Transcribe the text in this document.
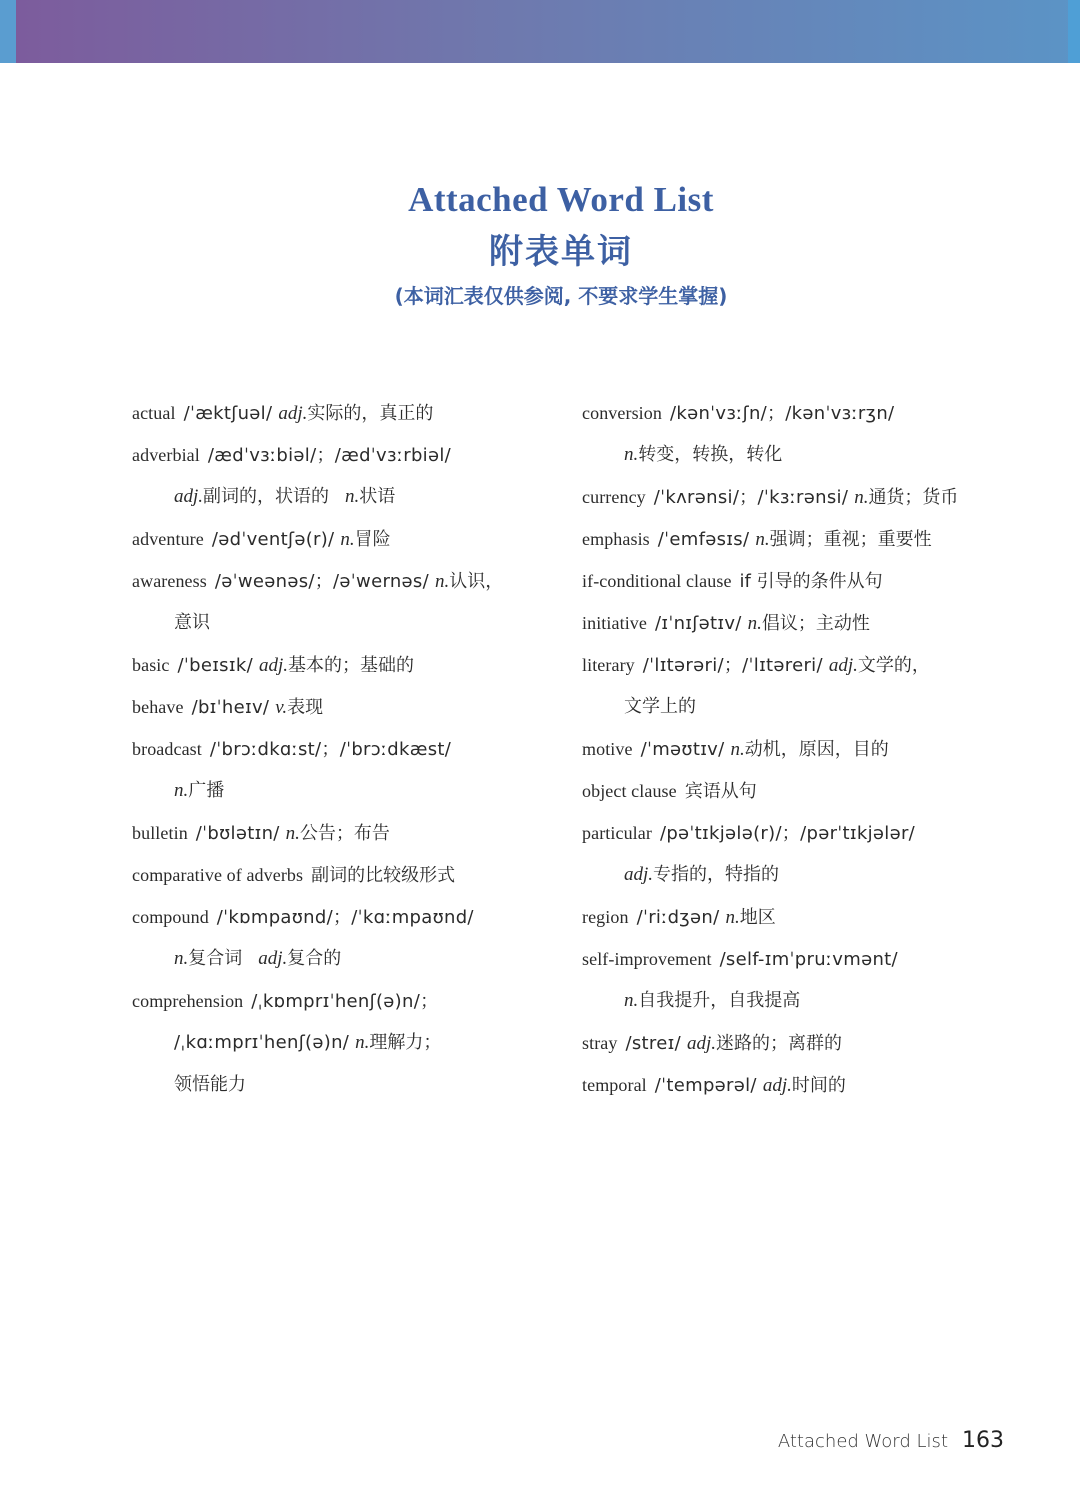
Attached Word List
附表单词
(本词汇表仅供参阅, 不要求学生掌握)
actual /ˈæktʃuəl/ adj.实际的，真正的
adverbial /ædˈvɜːbiəl/；/ædˈvɜːrbiəl/
adj.副词的，状语的 n.状语
adventure /ədˈventʃə(r)/ n.冒险
awareness /əˈweənəs/；/əˈwernəs/ n.认识，
意识
basic /ˈbeɪsɪk/ adj.基本的；基础的
behave /bɪˈheɪv/ v.表现
broadcast /ˈbrɔːdkɑːst/；/ˈbrɔːdkæst/
n.广播
bulletin /ˈbʊlətɪn/ n.公告；布告
comparative of adverbs 副词的比较级形式
compound /ˈkɒmpaʊnd/；/ˈkɑːmpaʊnd/
n.复合词 adj.复合的
comprehension /ˌkɒmprɪˈhenʃ(ə)n/；
/ˌkɑːmprɪˈhenʃ(ə)n/ n.理解力；
领悟能力
conversion /kənˈvɜːʃn/；/kənˈvɜːrʒn/
n.转变，转换，转化
currency /ˈkʌrənsi/；/ˈkɜːrənsi/ n.通货；货币
emphasis /ˈemfəsɪs/ n.强调；重视；重要性
if-conditional clause if 引导的条件从句
initiative /ɪˈnɪʃətɪv/ n.倡议；主动性
literary /ˈlɪtərəri/；/ˈlɪtəreri/ adj.文学的，
文学上的
motive /ˈməʊtɪv/ n.动机，原因，目的
object clause 宾语从句
particular /pəˈtɪkjələ(r)/；/pərˈtɪkjələr/
adj.专指的，特指的
region /ˈriːdʒən/ n.地区
self-improvement /self-ɪmˈpruːvmənt/
n.自我提升，自我提高
stray /streɪ/ adj.迷路的；离群的
temporal /ˈtempərəl/ adj.时间的
Attached Word List 163
